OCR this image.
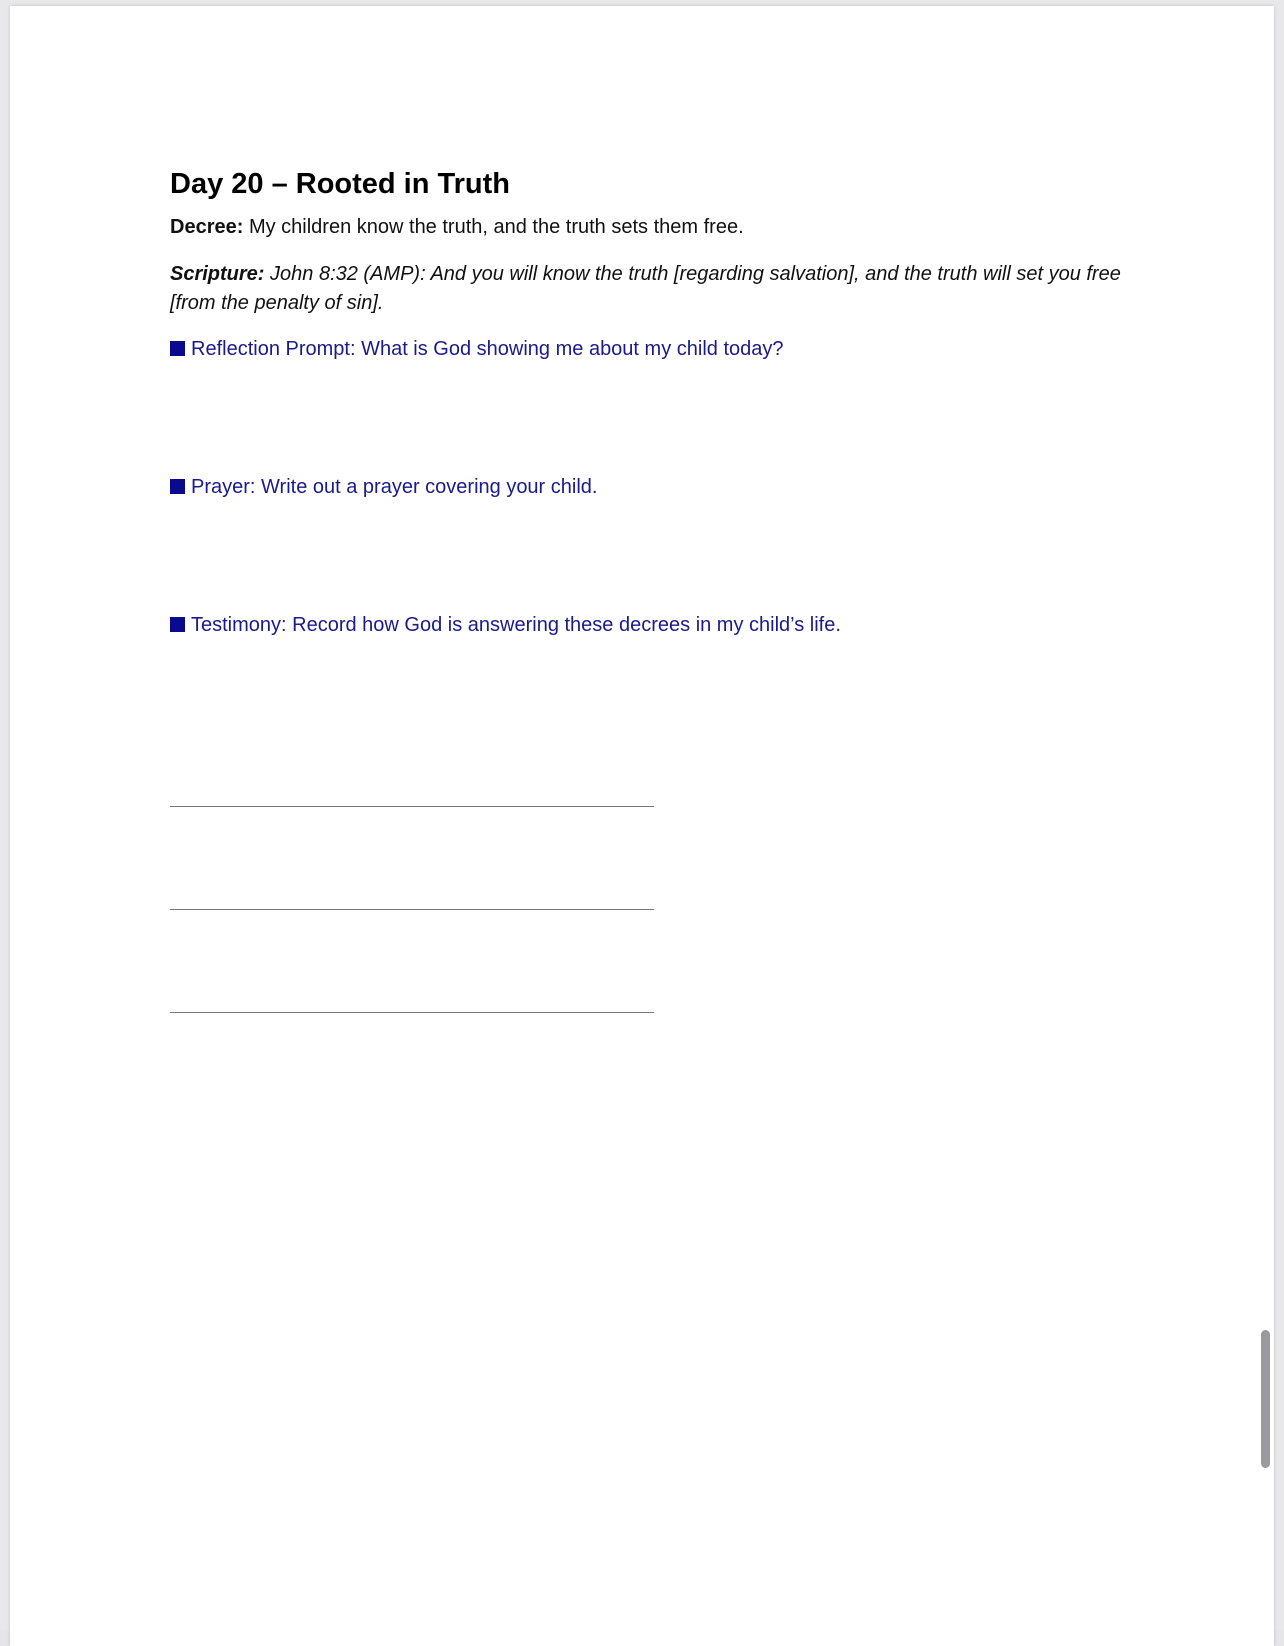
Day 20 – Rooted in Truth
Decree: My children know the truth, and the truth sets them free.
Scripture: John 8:32 (AMP): And you will know the truth [regarding salvation], and the truth will set you free [from the penalty of sin].
Reflection Prompt: What is God showing me about my child today?
Prayer: Write out a prayer covering your child.
Testimony: Record how God is answering these decrees in my child’s life.
